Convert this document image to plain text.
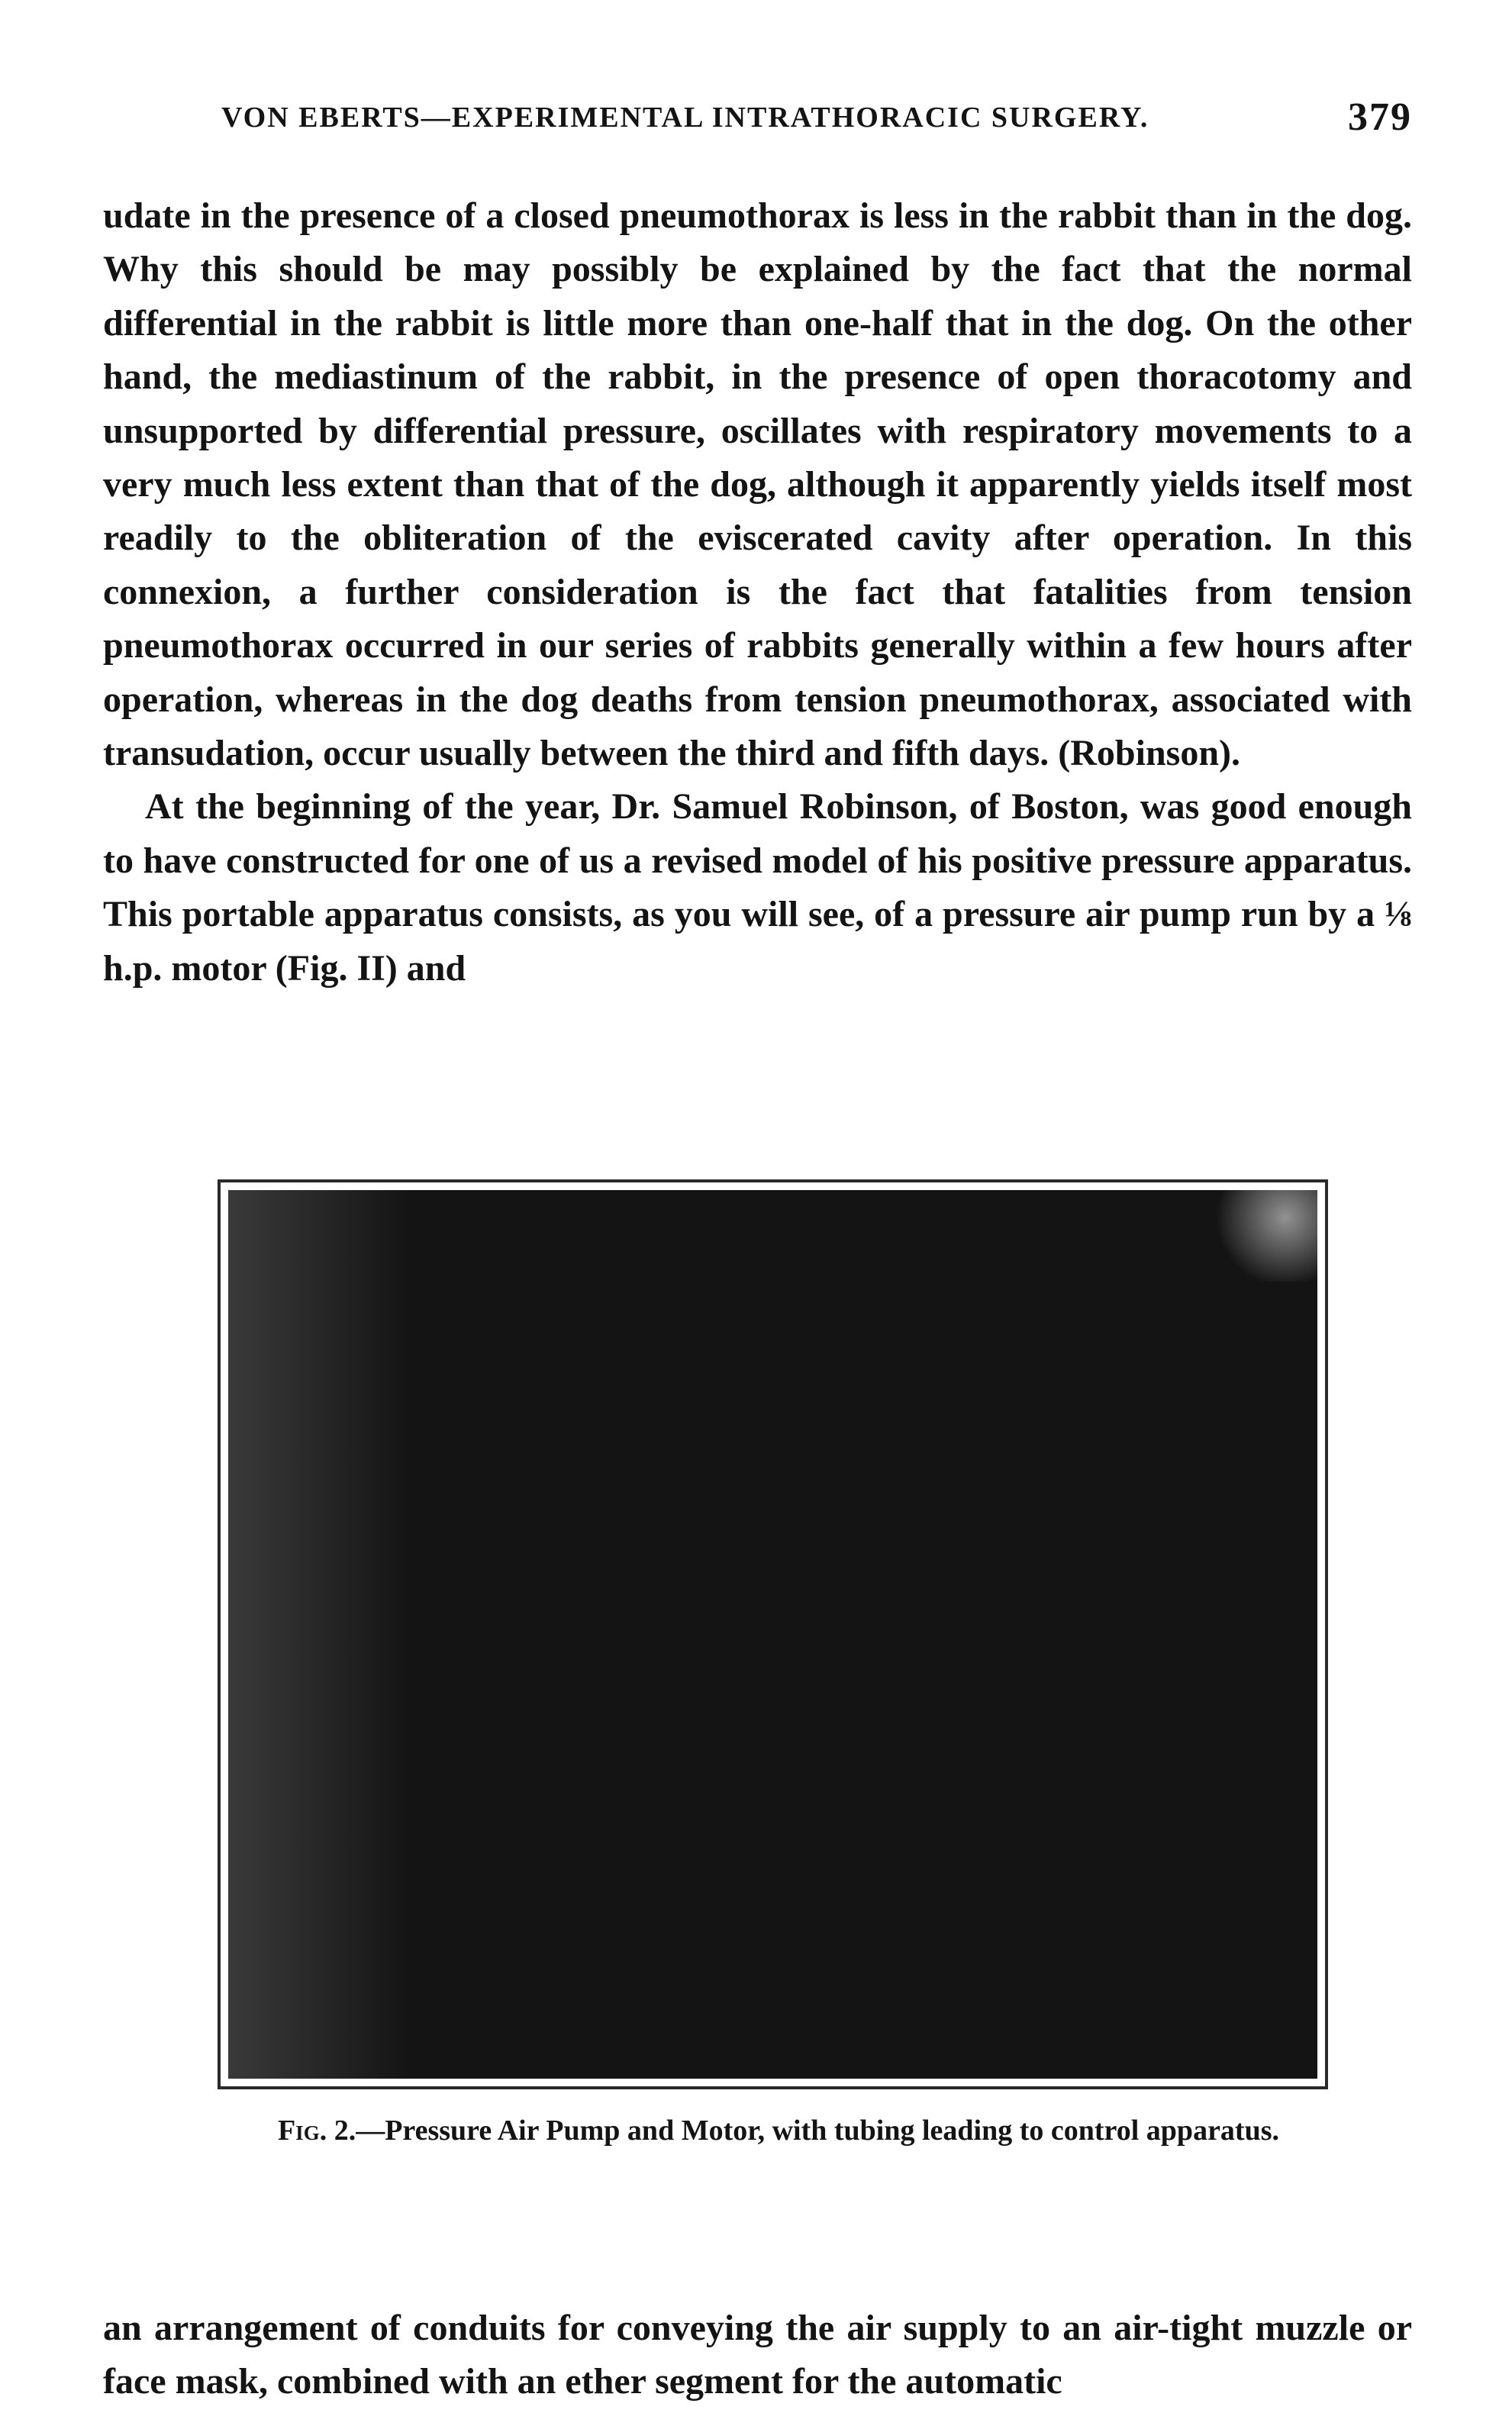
VON EBERTS—EXPERIMENTAL INTRATHORACIC SURGERY.	379

udate in the presence of a closed pneumothorax is less in the rabbit than in the dog. Why this should be may possibly be explained by the fact that the normal differential in the rabbit is little more than one-half that in the dog. On the other hand, the mediastinum of the rabbit, in the presence of open thoracotomy and unsupported by differential pressure, oscillates with respiratory movements to a very much less extent than that of the dog, although it apparently yields itself most readily to the obliteration of the eviscerated cavity after operation. In this connexion, a further consideration is the fact that fatalities from tension pneumothorax occurred in our series of rabbits generally within a few hours after operation, whereas in the dog deaths from tension pneumothorax, associated with transudation, occur usually between the third and fifth days. (Robinson).

At the beginning of the year, Dr. Samuel Robinson, of Boston, was good enough to have constructed for one of us a revised model of his positive pressure apparatus. This portable apparatus consists, as you will see, of a pressure air pump run by a ⅛ h.p. motor (Fig. II) and

Fig. 2.—Pressure Air Pump and Motor, with tubing leading to control apparatus.

an arrangement of conduits for conveying the air supply to an air-tight muzzle or face mask, combined with an ether segment for the automatic
